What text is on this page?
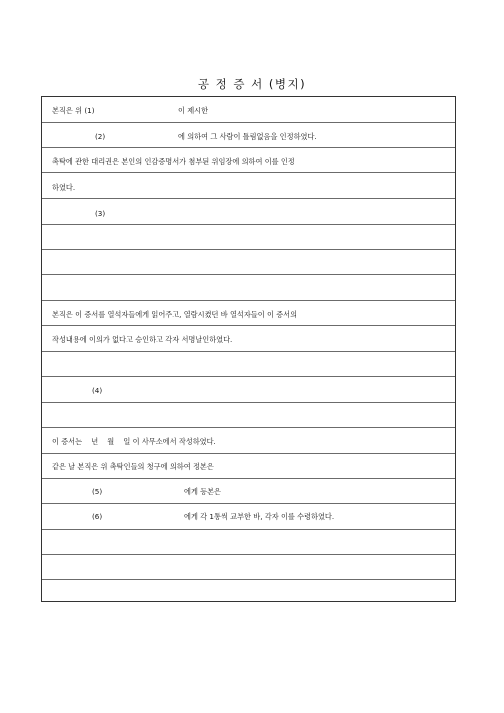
공 정 증 서 (병지)
본직은 위 (1)	이 제시한
(2)	에 의하여 그 사람이 틀림없음을 인정하였다.
촉탁에 관한 대리권은 본인의 인감증명서가 첨부된 위임장에 의하여 이를 인정
하였다.
(3)
본직은 이 증서를 열석자들에게 읽어주고, 열람시켰던 바 열석자들이 이 증서의
작성내용에 이의가 없다고 승인하고 각자 서명날인하였다.
(4)
이 증서는    년    월    일 이 사무소에서 작성하였다.
같은 날 본직은 위 촉탁인들의 청구에 의하여 정본은
(5)	에게 등본은
(6)	에게 각 1통씩 교부한 바, 각자 이를 수령하였다.
